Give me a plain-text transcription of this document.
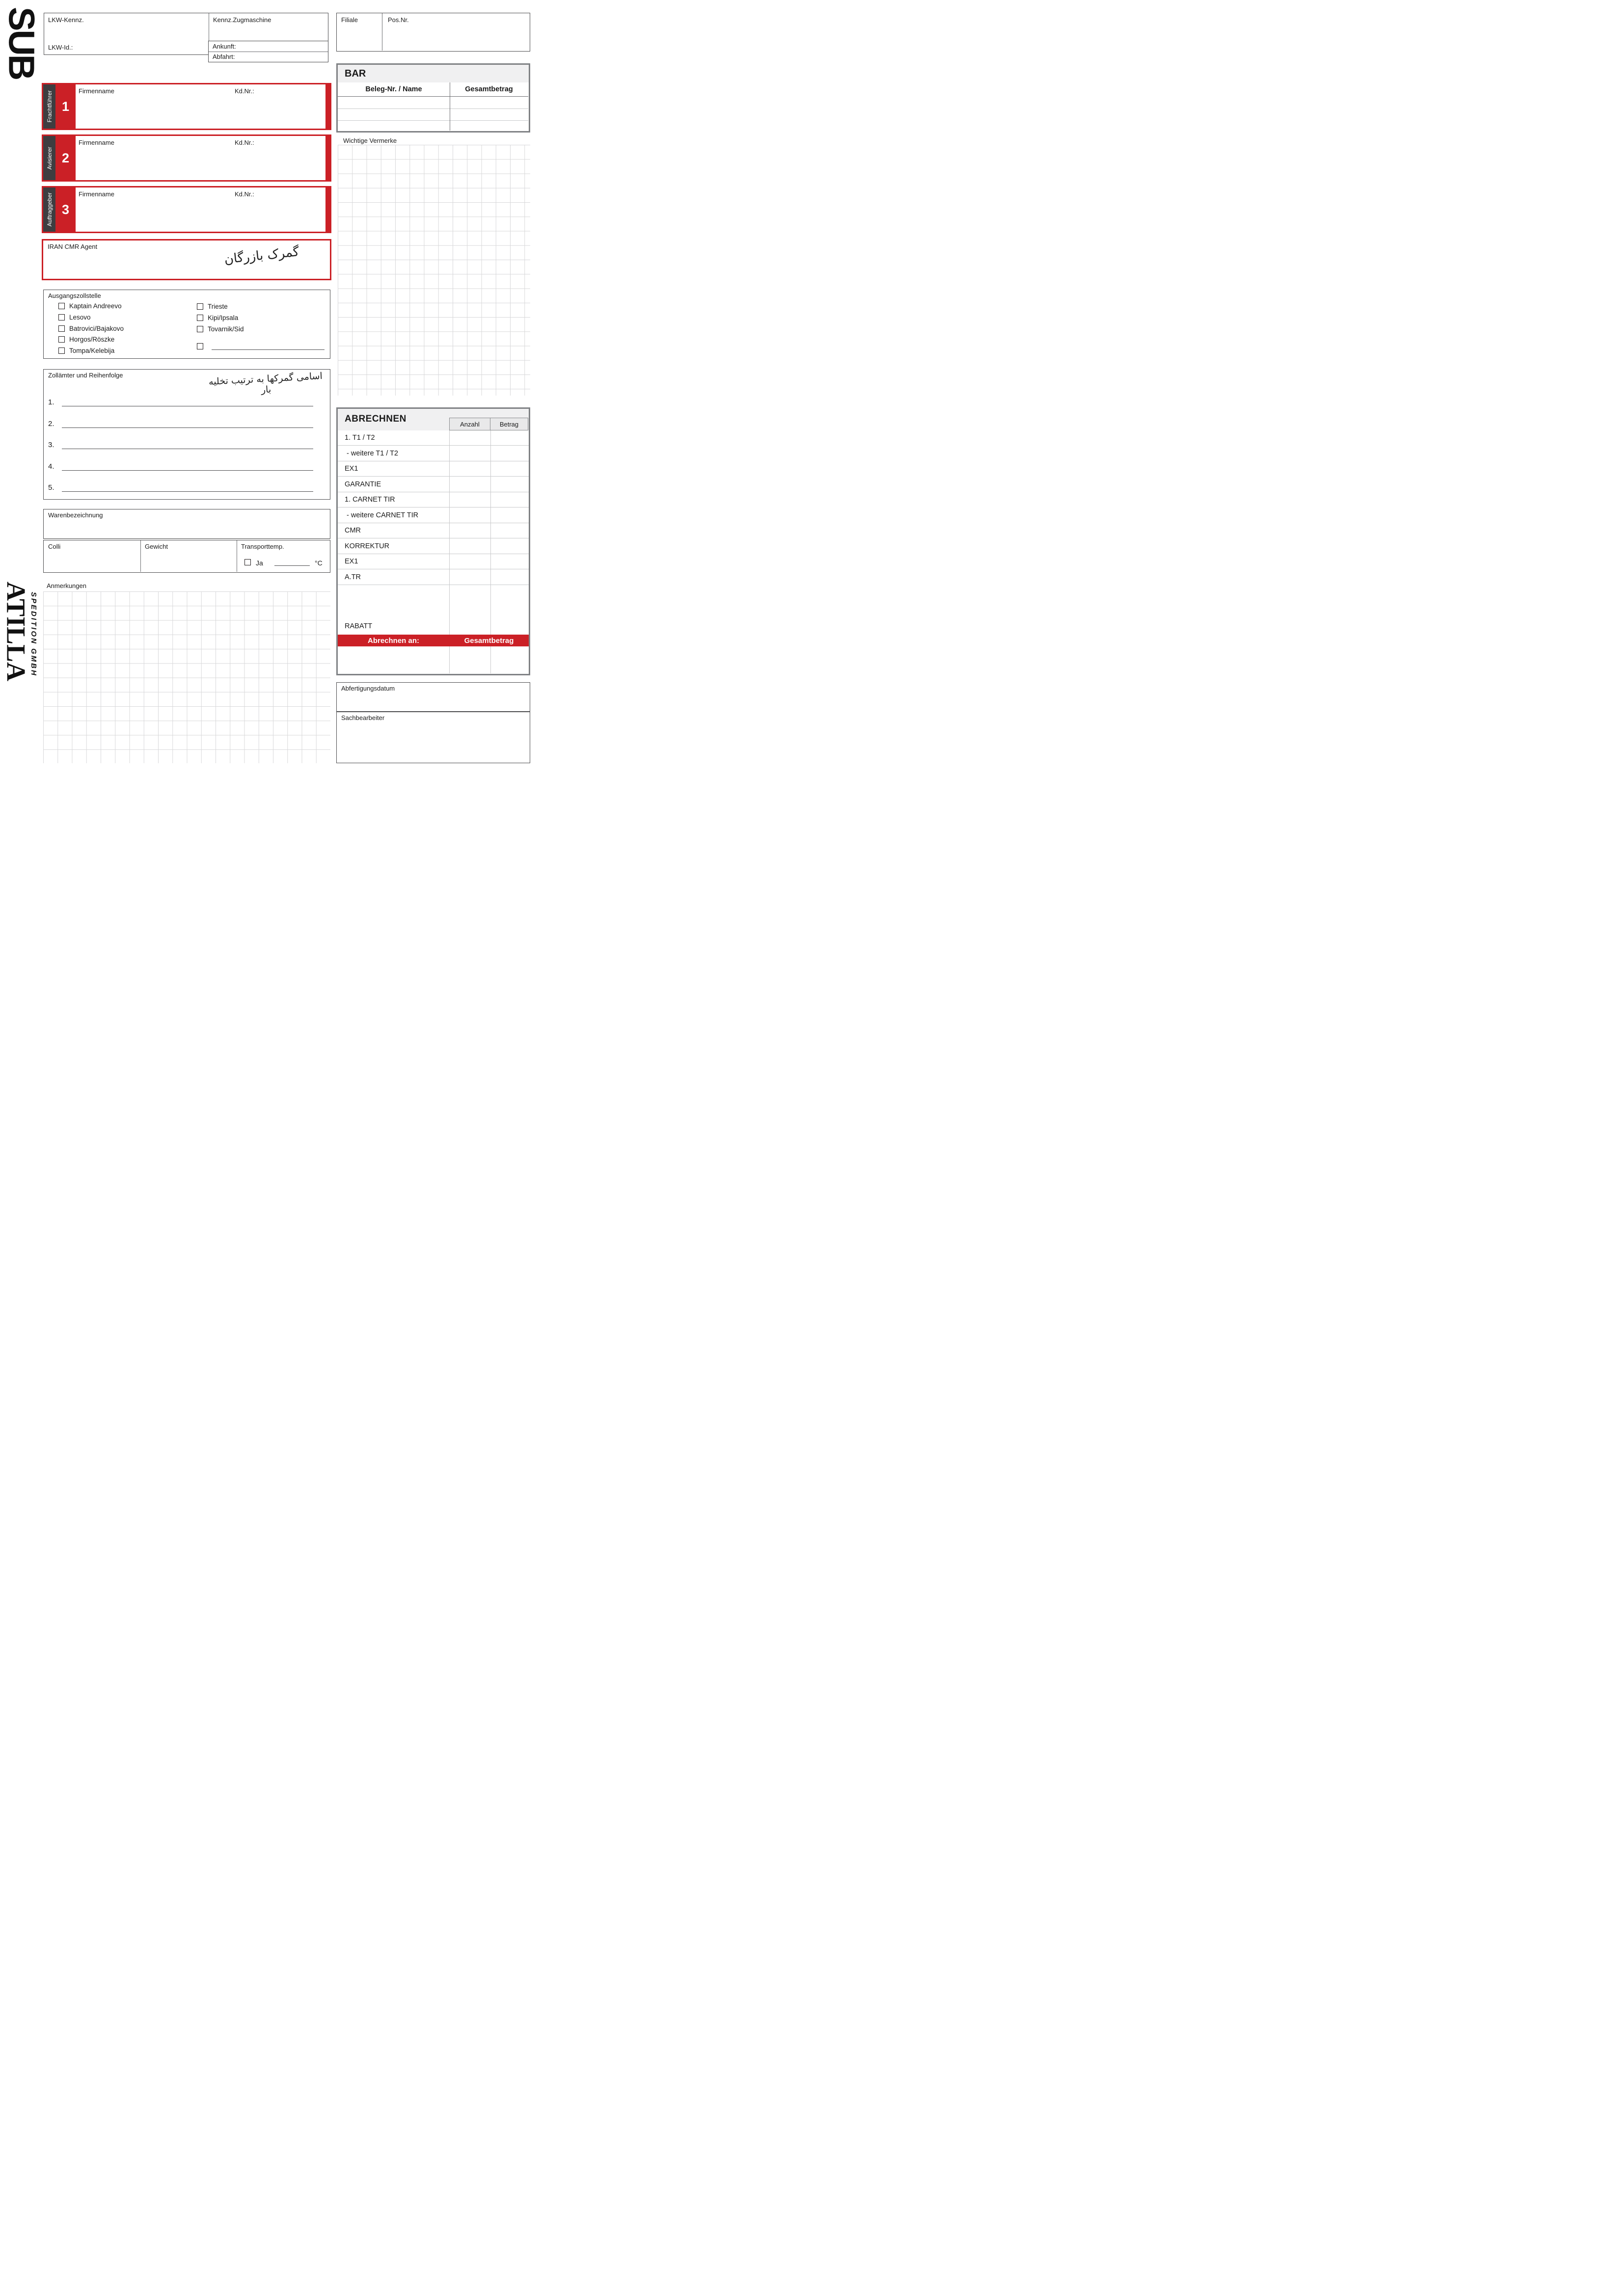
SUB
ATILLA
SPEDITION GMBH
LKW-Kennz.	Kennz.Zugmaschine
LKW-Id.:	Ankunft:
Abfahrt:
Filiale	Pos.Nr.
BAR
Beleg-Nr. / Name	Gesamtbetrag
Frachtführer 1
Firmenname	Kd.Nr.:
Avisierer 2
Firmenname	Kd.Nr.:
Auftraggeber 3
Firmenname	Kd.Nr.:
IRAN CMR Agent	گمرک بازرگان
Ausgangszollstelle
Kaptain Andreevo
Lesovo
Batrovici/Bajakovo
Horgos/Röszke
Tompa/Kelebija
Trieste
Kipi/Ipsala
Tovarnik/Sid
Zollämter und Reihenfolge	اسامی گمرکها به ترتیب تخلیه بار
1.
2.
3.
4.
5.
Warenbezeichnung
Colli	Gewicht	Transporttemp.
Ja	°C
Anmerkungen
Wichtige Vermerke
ABRECHNEN	Anzahl	Betrag
1. T1 / T2
- weitere T1 / T2
EX1
GARANTIE
1. CARNET TIR
- weitere CARNET TIR
CMR
KORREKTUR
EX1
A.TR
RABATT
Abrechnen an:	Gesamtbetrag
Abfertigungsdatum
Sachbearbeiter
